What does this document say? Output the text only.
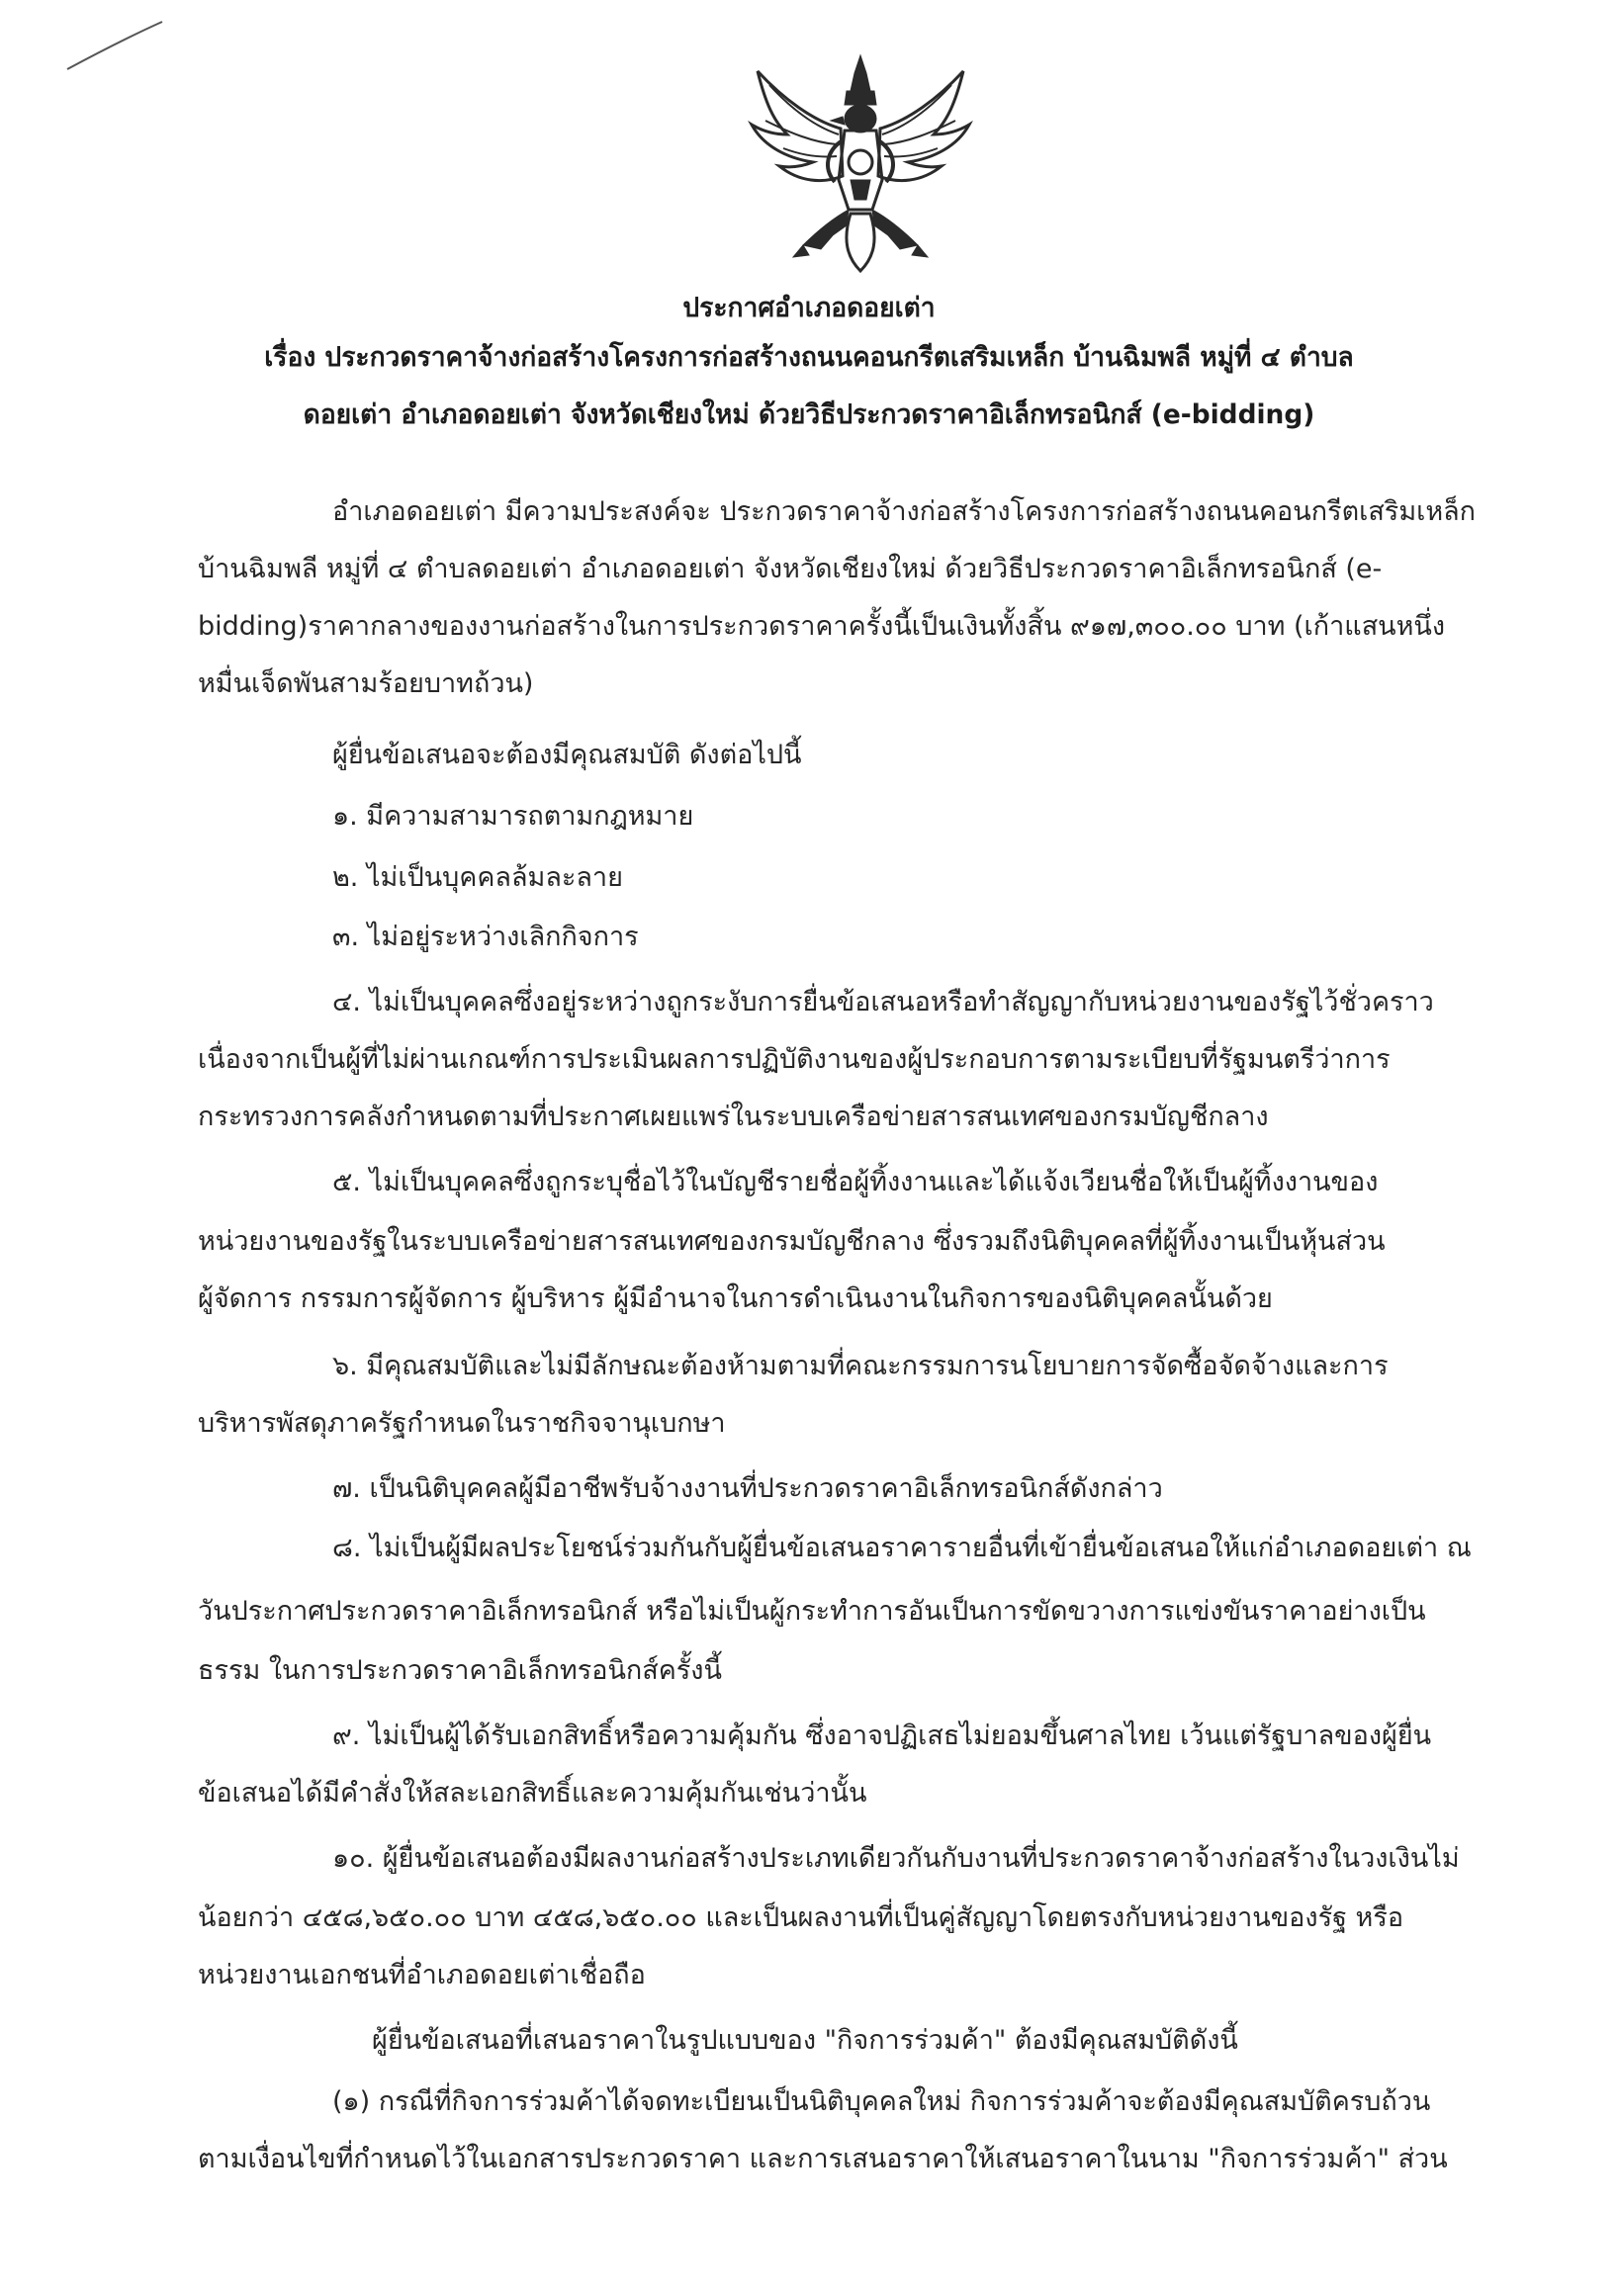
ประกาศอำเภอดอยเต่า
เรื่อง ประกวดราคาจ้างก่อสร้างโครงการก่อสร้างถนนคอนกรีตเสริมเหล็ก บ้านฉิมพลี หมู่ที่ ๔ ตำบล
ดอยเต่า อำเภอดอยเต่า จังหวัดเชียงใหม่ ด้วยวิธีประกวดราคาอิเล็กทรอนิกส์ (e-bidding)
อำเภอดอยเต่า มีความประสงค์จะ ประกวดราคาจ้างก่อสร้างโครงการก่อสร้างถนนคอนกรีตเสริมเหล็ก
บ้านฉิมพลี หมู่ที่ ๔ ตำบลดอยเต่า อำเภอดอยเต่า จังหวัดเชียงใหม่ ด้วยวิธีประกวดราคาอิเล็กทรอนิกส์ (e-
bidding)ราคากลางของงานก่อสร้างในการประกวดราคาครั้งนี้เป็นเงินทั้งสิ้น ๙๑๗,๓๐๐.๐๐ บาท (เก้าแสนหนึ่ง
หมื่นเจ็ดพันสามร้อยบาทถ้วน)
ผู้ยื่นข้อเสนอจะต้องมีคุณสมบัติ ดังต่อไปนี้
๑. มีความสามารถตามกฎหมาย
๒. ไม่เป็นบุคคลล้มละลาย
๓. ไม่อยู่ระหว่างเลิกกิจการ
๔. ไม่เป็นบุคคลซึ่งอยู่ระหว่างถูกระงับการยื่นข้อเสนอหรือทำสัญญากับหน่วยงานของรัฐไว้ชั่วคราว
เนื่องจากเป็นผู้ที่ไม่ผ่านเกณฑ์การประเมินผลการปฏิบัติงานของผู้ประกอบการตามระเบียบที่รัฐมนตรีว่าการ
กระทรวงการคลังกำหนดตามที่ประกาศเผยแพร่ในระบบเครือข่ายสารสนเทศของกรมบัญชีกลาง
๕. ไม่เป็นบุคคลซึ่งถูกระบุชื่อไว้ในบัญชีรายชื่อผู้ทิ้งงานและได้แจ้งเวียนชื่อให้เป็นผู้ทิ้งงานของ
หน่วยงานของรัฐในระบบเครือข่ายสารสนเทศของกรมบัญชีกลาง ซึ่งรวมถึงนิติบุคคลที่ผู้ทิ้งงานเป็นหุ้นส่วน
ผู้จัดการ กรรมการผู้จัดการ ผู้บริหาร ผู้มีอำนาจในการดำเนินงานในกิจการของนิติบุคคลนั้นด้วย
๖. มีคุณสมบัติและไม่มีลักษณะต้องห้ามตามที่คณะกรรมการนโยบายการจัดซื้อจัดจ้างและการ
บริหารพัสดุภาครัฐกำหนดในราชกิจจานุเบกษา
๗. เป็นนิติบุคคลผู้มีอาชีพรับจ้างงานที่ประกวดราคาอิเล็กทรอนิกส์ดังกล่าว
๘. ไม่เป็นผู้มีผลประโยชน์ร่วมกันกับผู้ยื่นข้อเสนอราคารายอื่นที่เข้ายื่นข้อเสนอให้แก่อำเภอดอยเต่า ณ
วันประกาศประกวดราคาอิเล็กทรอนิกส์ หรือไม่เป็นผู้กระทำการอันเป็นการขัดขวางการแข่งขันราคาอย่างเป็น
ธรรม ในการประกวดราคาอิเล็กทรอนิกส์ครั้งนี้
๙. ไม่เป็นผู้ได้รับเอกสิทธิ์หรือความคุ้มกัน ซึ่งอาจปฏิเสธไม่ยอมขึ้นศาลไทย เว้นแต่รัฐบาลของผู้ยื่น
ข้อเสนอได้มีคำสั่งให้สละเอกสิทธิ์และความคุ้มกันเช่นว่านั้น
๑๐. ผู้ยื่นข้อเสนอต้องมีผลงานก่อสร้างประเภทเดียวกันกับงานที่ประกวดราคาจ้างก่อสร้างในวงเงินไม่
น้อยกว่า ๔๕๘,๖๕๐.๐๐ บาท ๔๕๘,๖๕๐.๐๐ และเป็นผลงานที่เป็นคู่สัญญาโดยตรงกับหน่วยงานของรัฐ หรือ
หน่วยงานเอกชนที่อำเภอดอยเต่าเชื่อถือ
ผู้ยื่นข้อเสนอที่เสนอราคาในรูปแบบของ "กิจการร่วมค้า" ต้องมีคุณสมบัติดังนี้
(๑) กรณีที่กิจการร่วมค้าได้จดทะเบียนเป็นนิติบุคคลใหม่ กิจการร่วมค้าจะต้องมีคุณสมบัติครบถ้วน
ตามเงื่อนไขที่กำหนดไว้ในเอกสารประกวดราคา และการเสนอราคาให้เสนอราคาในนาม "กิจการร่วมค้า" ส่วน
